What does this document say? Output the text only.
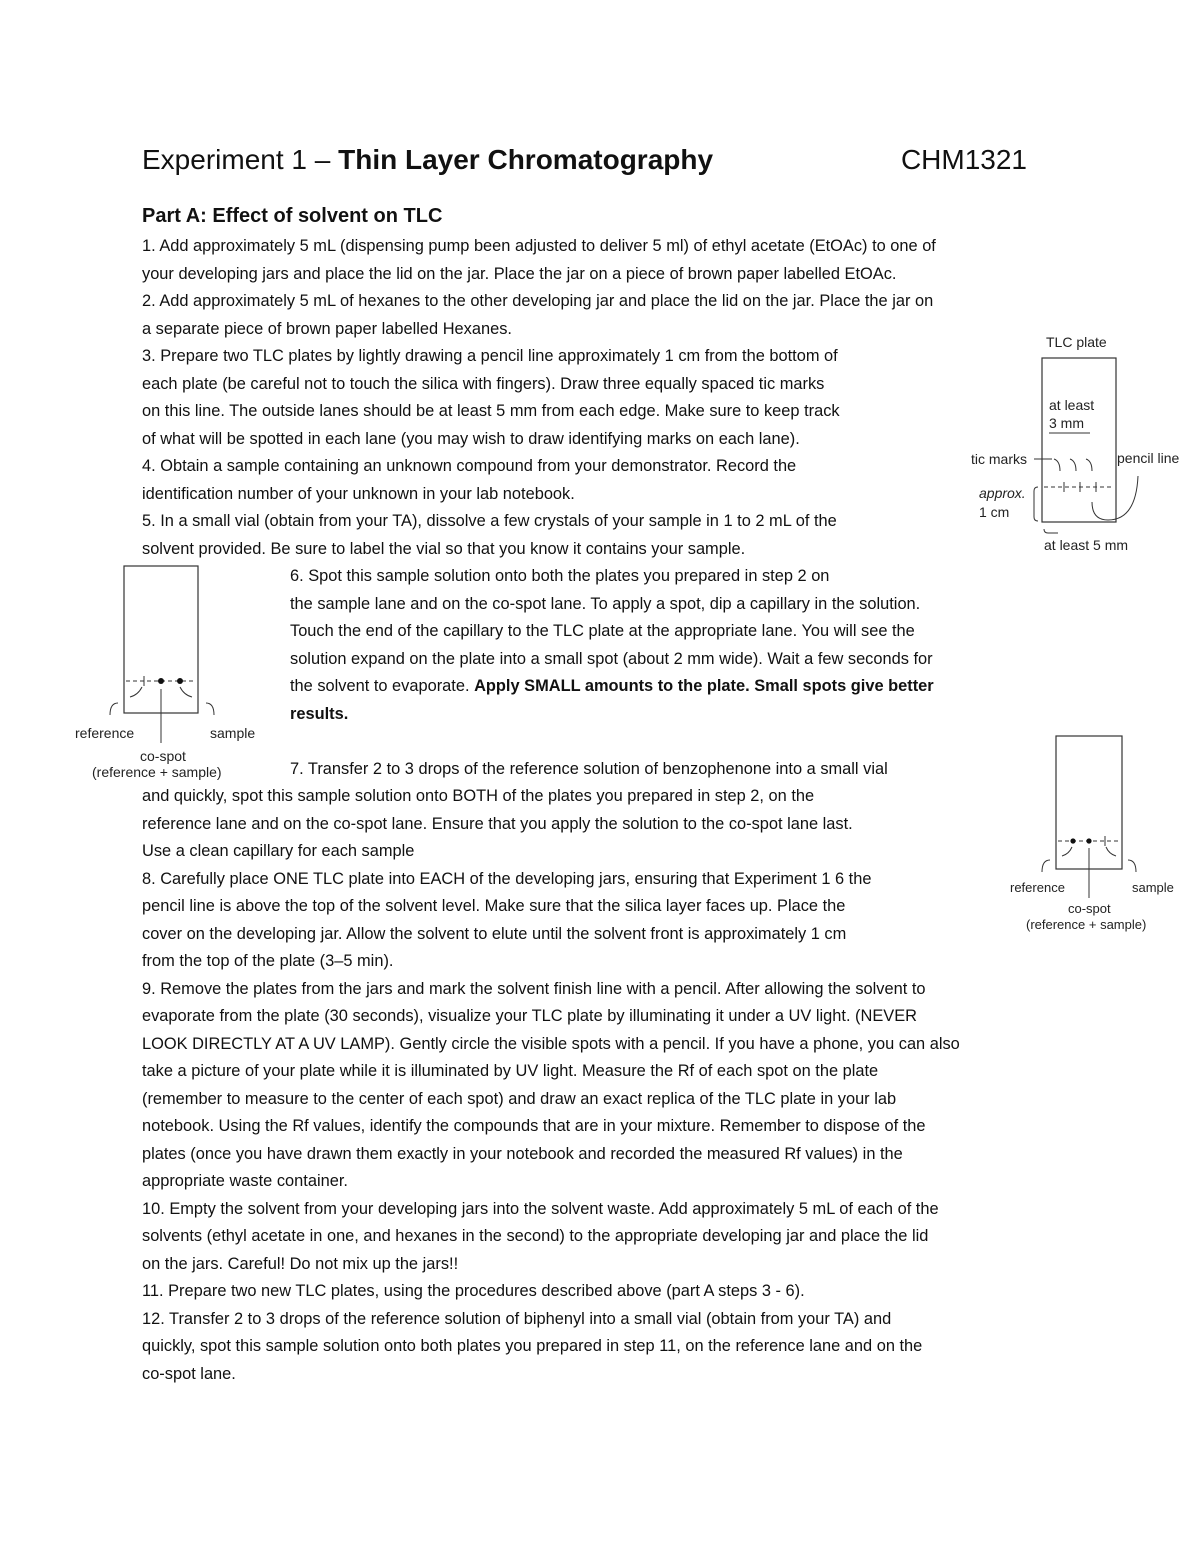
Experiment 1 – Thin Layer Chromatography	CHM1321
Part A: Effect of solvent on TLC
1. Add approximately 5 mL (dispensing pump been adjusted to deliver 5 ml) of ethyl acetate (EtOAc) to one of
your developing jars and place the lid on the jar. Place the jar on a piece of brown paper labelled EtOAc.
2. Add approximately 5 mL of hexanes to the other developing jar and place the lid on the jar. Place the jar on
a separate piece of brown paper labelled Hexanes.
3. Prepare two TLC plates by lightly drawing a pencil line approximately 1 cm from the bottom of
each plate (be careful not to touch the silica with fingers). Draw three equally spaced tic marks
on this line. The outside lanes should be at least 5 mm from each edge. Make sure to keep track
of what will be spotted in each lane (you may wish to draw identifying marks on each lane).
4. Obtain a sample containing an unknown compound from your demonstrator. Record the
identification number of your unknown in your lab notebook.
5. In a small vial (obtain from your TA), dissolve a few crystals of your sample in 1 to 2 mL of the
solvent provided. Be sure to label the vial so that you know it contains your sample.
6. Spot this sample solution onto both the plates you prepared in step 2 on
the sample lane and on the co-spot lane. To apply a spot, dip a capillary in the solution.
Touch the end of the capillary to the TLC plate at the appropriate lane. You will see the
solution expand on the plate into a small spot (about 2 mm wide). Wait a few seconds for
the solvent to evaporate. Apply SMALL amounts to the plate. Small spots give better
results.
7. Transfer 2 to 3 drops of the reference solution of benzophenone into a small vial
and quickly, spot this sample solution onto BOTH of the plates you prepared in step 2, on the
reference lane and on the co-spot lane. Ensure that you apply the solution to the co-spot lane last.
Use a clean capillary for each sample
8. Carefully place ONE TLC plate into EACH of the developing jars, ensuring that Experiment 1 6 the
pencil line is above the top of the solvent level. Make sure that the silica layer faces up. Place the
cover on the developing jar. Allow the solvent to elute until the solvent front is approximately 1 cm
from the top of the plate (3–5 min).
9. Remove the plates from the jars and mark the solvent finish line with a pencil. After allowing the solvent to
evaporate from the plate (30 seconds), visualize your TLC plate by illuminating it under a UV light. (NEVER
LOOK DIRECTLY AT A UV LAMP). Gently circle the visible spots with a pencil. If you have a phone, you can also
take a picture of your plate while it is illuminated by UV light. Measure the Rf of each spot on the plate
(remember to measure to the center of each spot) and draw an exact replica of the TLC plate in your lab
notebook. Using the Rf values, identify the compounds that are in your mixture. Remember to dispose of the
plates (once you have drawn them exactly in your notebook and recorded the measured Rf values) in the
appropriate waste container.
10. Empty the solvent from your developing jars into the solvent waste. Add approximately 5 mL of each of the
solvents (ethyl acetate in one, and hexanes in the second) to the appropriate developing jar and place the lid
on the jars. Careful! Do not mix up the jars!!
11. Prepare two new TLC plates, using the procedures described above (part A steps 3 - 6).
12. Transfer 2 to 3 drops of the reference solution of biphenyl into a small vial (obtain from your TA) and
quickly, spot this sample solution onto both plates you prepared in step 11, on the reference lane and on the
co-spot lane.
TLC plate
at least
3 mm
tic marks	pencil line
approx.
1 cm
at least 5 mm
reference	sample
co-spot
(reference + sample)
reference	sample
co-spot
(reference + sample)
